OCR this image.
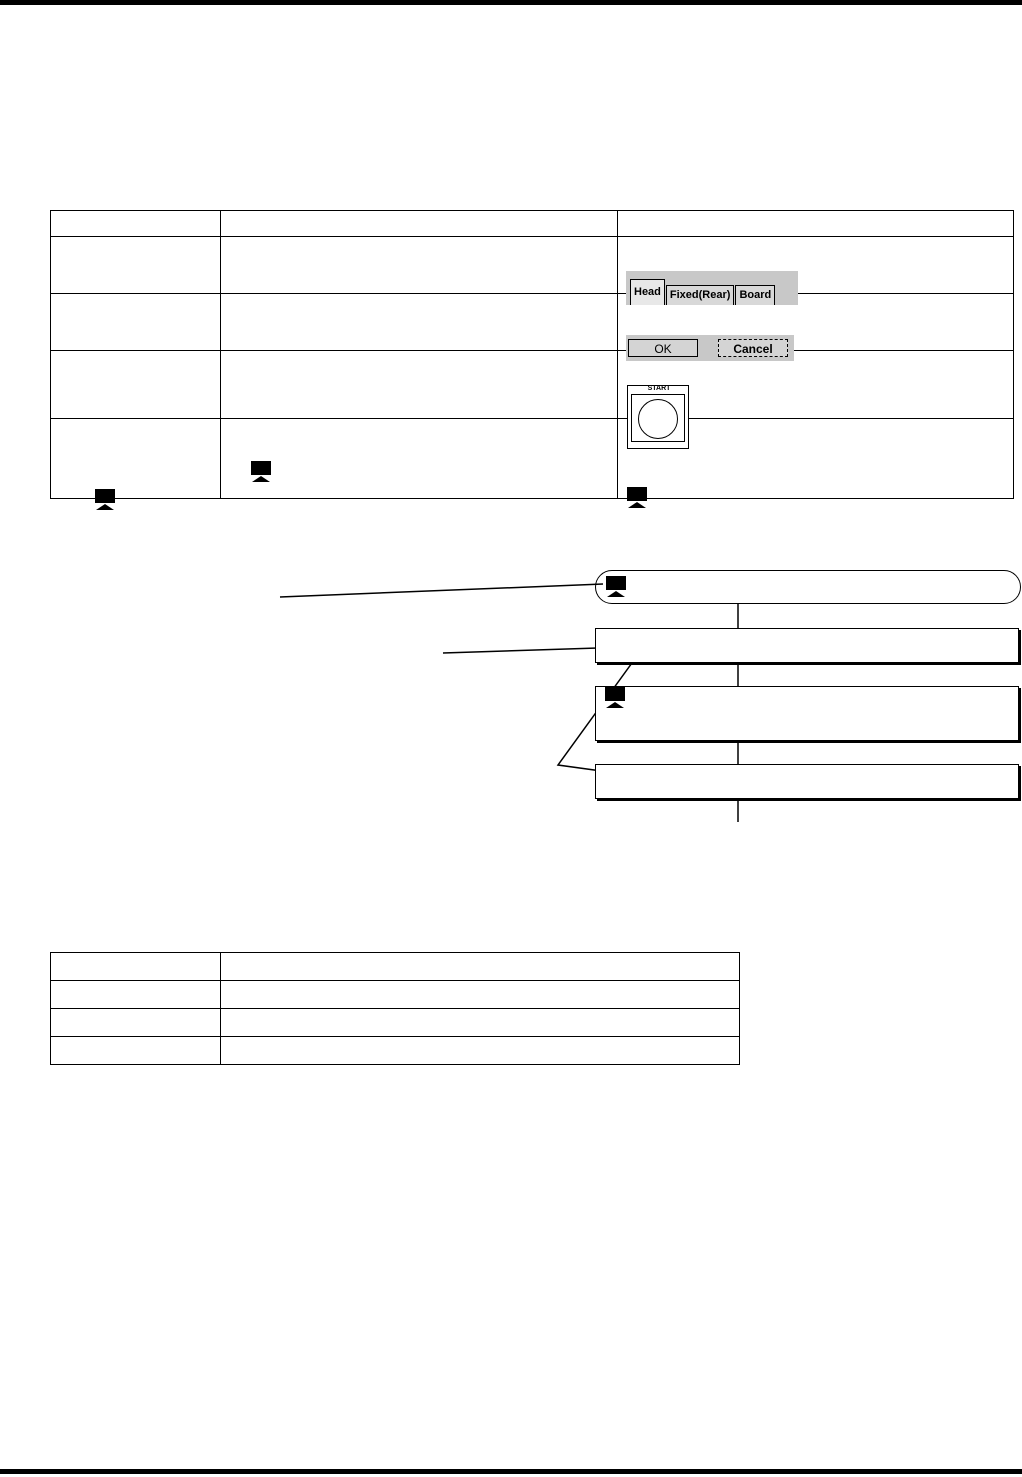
		Head Fixed(Rear) Board

		OK Cancel

		START
